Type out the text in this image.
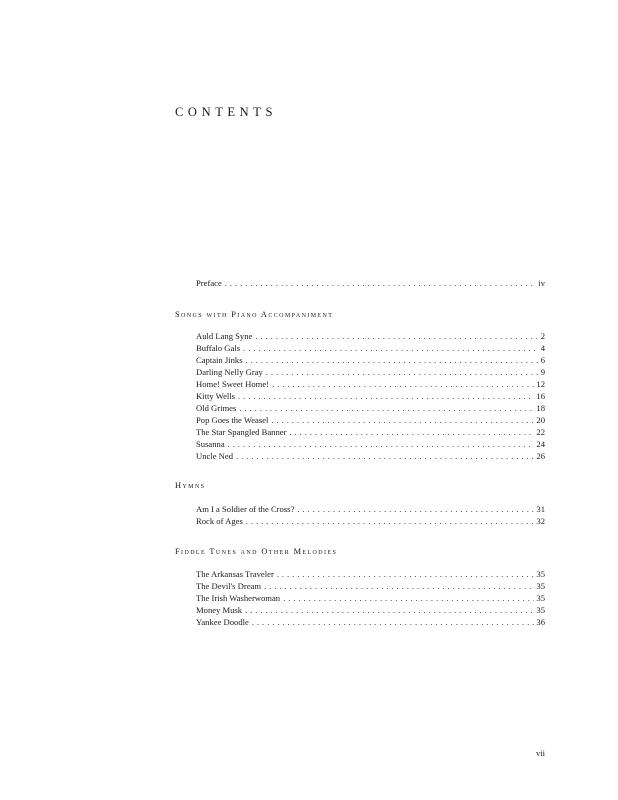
CONTENTS
Preface . . .	iv
Songs with Piano Accompaniment
Auld Lang Syne . . .	2
Buffalo Gals . . .	4
Captain Jinks . . .	6
Darling Nelly Gray . . .	9
Home! Sweet Home! . . .	12
Kitty Wells . . .	16
Old Grimes . . .	18
Pop Goes the Weasel . . .	20
The Star Spangled Banner . . .	22
Susanna . . .	24
Uncle Ned . . .	26
Hymns
Am I a Soldier of the Cross? . . .	31
Rock of Ages . . .	32
Fiddle Tunes and Other Melodies
The Arkansas Traveler . . .	35
The Devil's Dream . . .	35
The Irish Washerwoman . . .	35
Money Musk . . .	35
Yankee Doodle . . .	36
vii
